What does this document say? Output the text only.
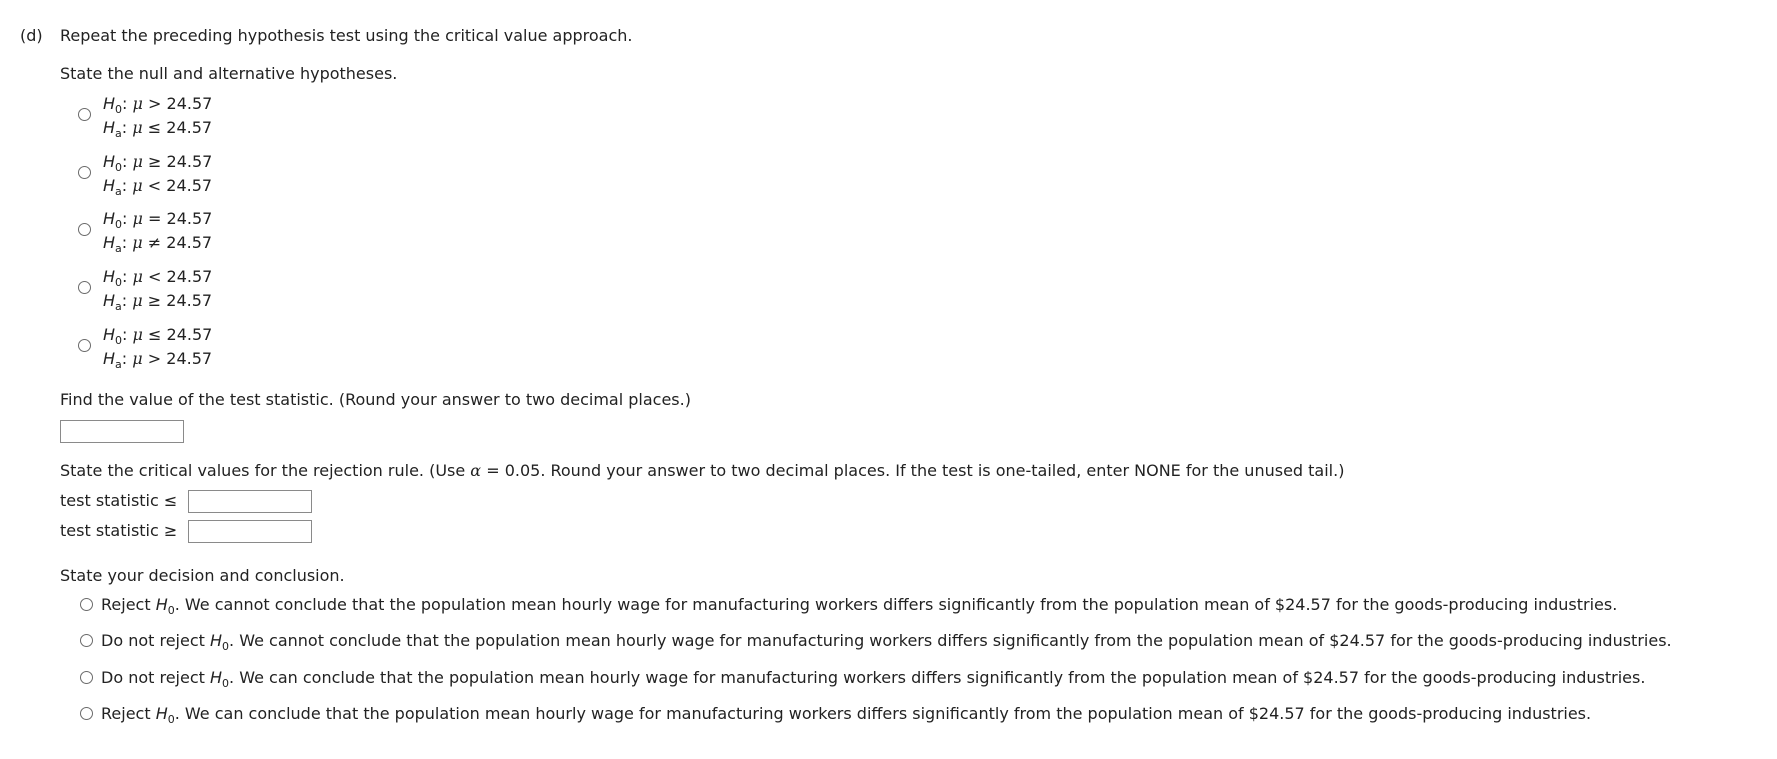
(d) Repeat the preceding hypothesis test using the critical value approach.
State the null and alternative hypotheses.
$H_0$: μ > 24.57
$H_a$: μ ≤ 24.57
$H_0$: μ ≥ 24.57
$H_a$: μ < 24.57
$H_0$: μ = 24.57
$H_a$: μ ≠ 24.57
$H_0$: μ < 24.57
$H_a$: μ ≥ 24.57
$H_0$: μ ≤ 24.57
$H_a$: μ > 24.57
Find the value of the test statistic. (Round your answer to two decimal places.)
State the critical values for the rejection rule. (Use α = 0.05. Round your answer to two decimal places. If the test is one-tailed, enter NONE for the unused tail.)
test statistic ≤
test statistic ≥
State your decision and conclusion.
Reject $H_0$. We cannot conclude that the population mean hourly wage for manufacturing workers differs significantly from the population mean of $24.57 for the goods-producing industries.
Do not reject $H_0$. We cannot conclude that the population mean hourly wage for manufacturing workers differs significantly from the population mean of $24.57 for the goods-producing industries.
Do not reject $H_0$. We can conclude that the population mean hourly wage for manufacturing workers differs significantly from the population mean of $24.57 for the goods-producing industries.
Reject $H_0$. We can conclude that the population mean hourly wage for manufacturing workers differs significantly from the population mean of $24.57 for the goods-producing industries.
